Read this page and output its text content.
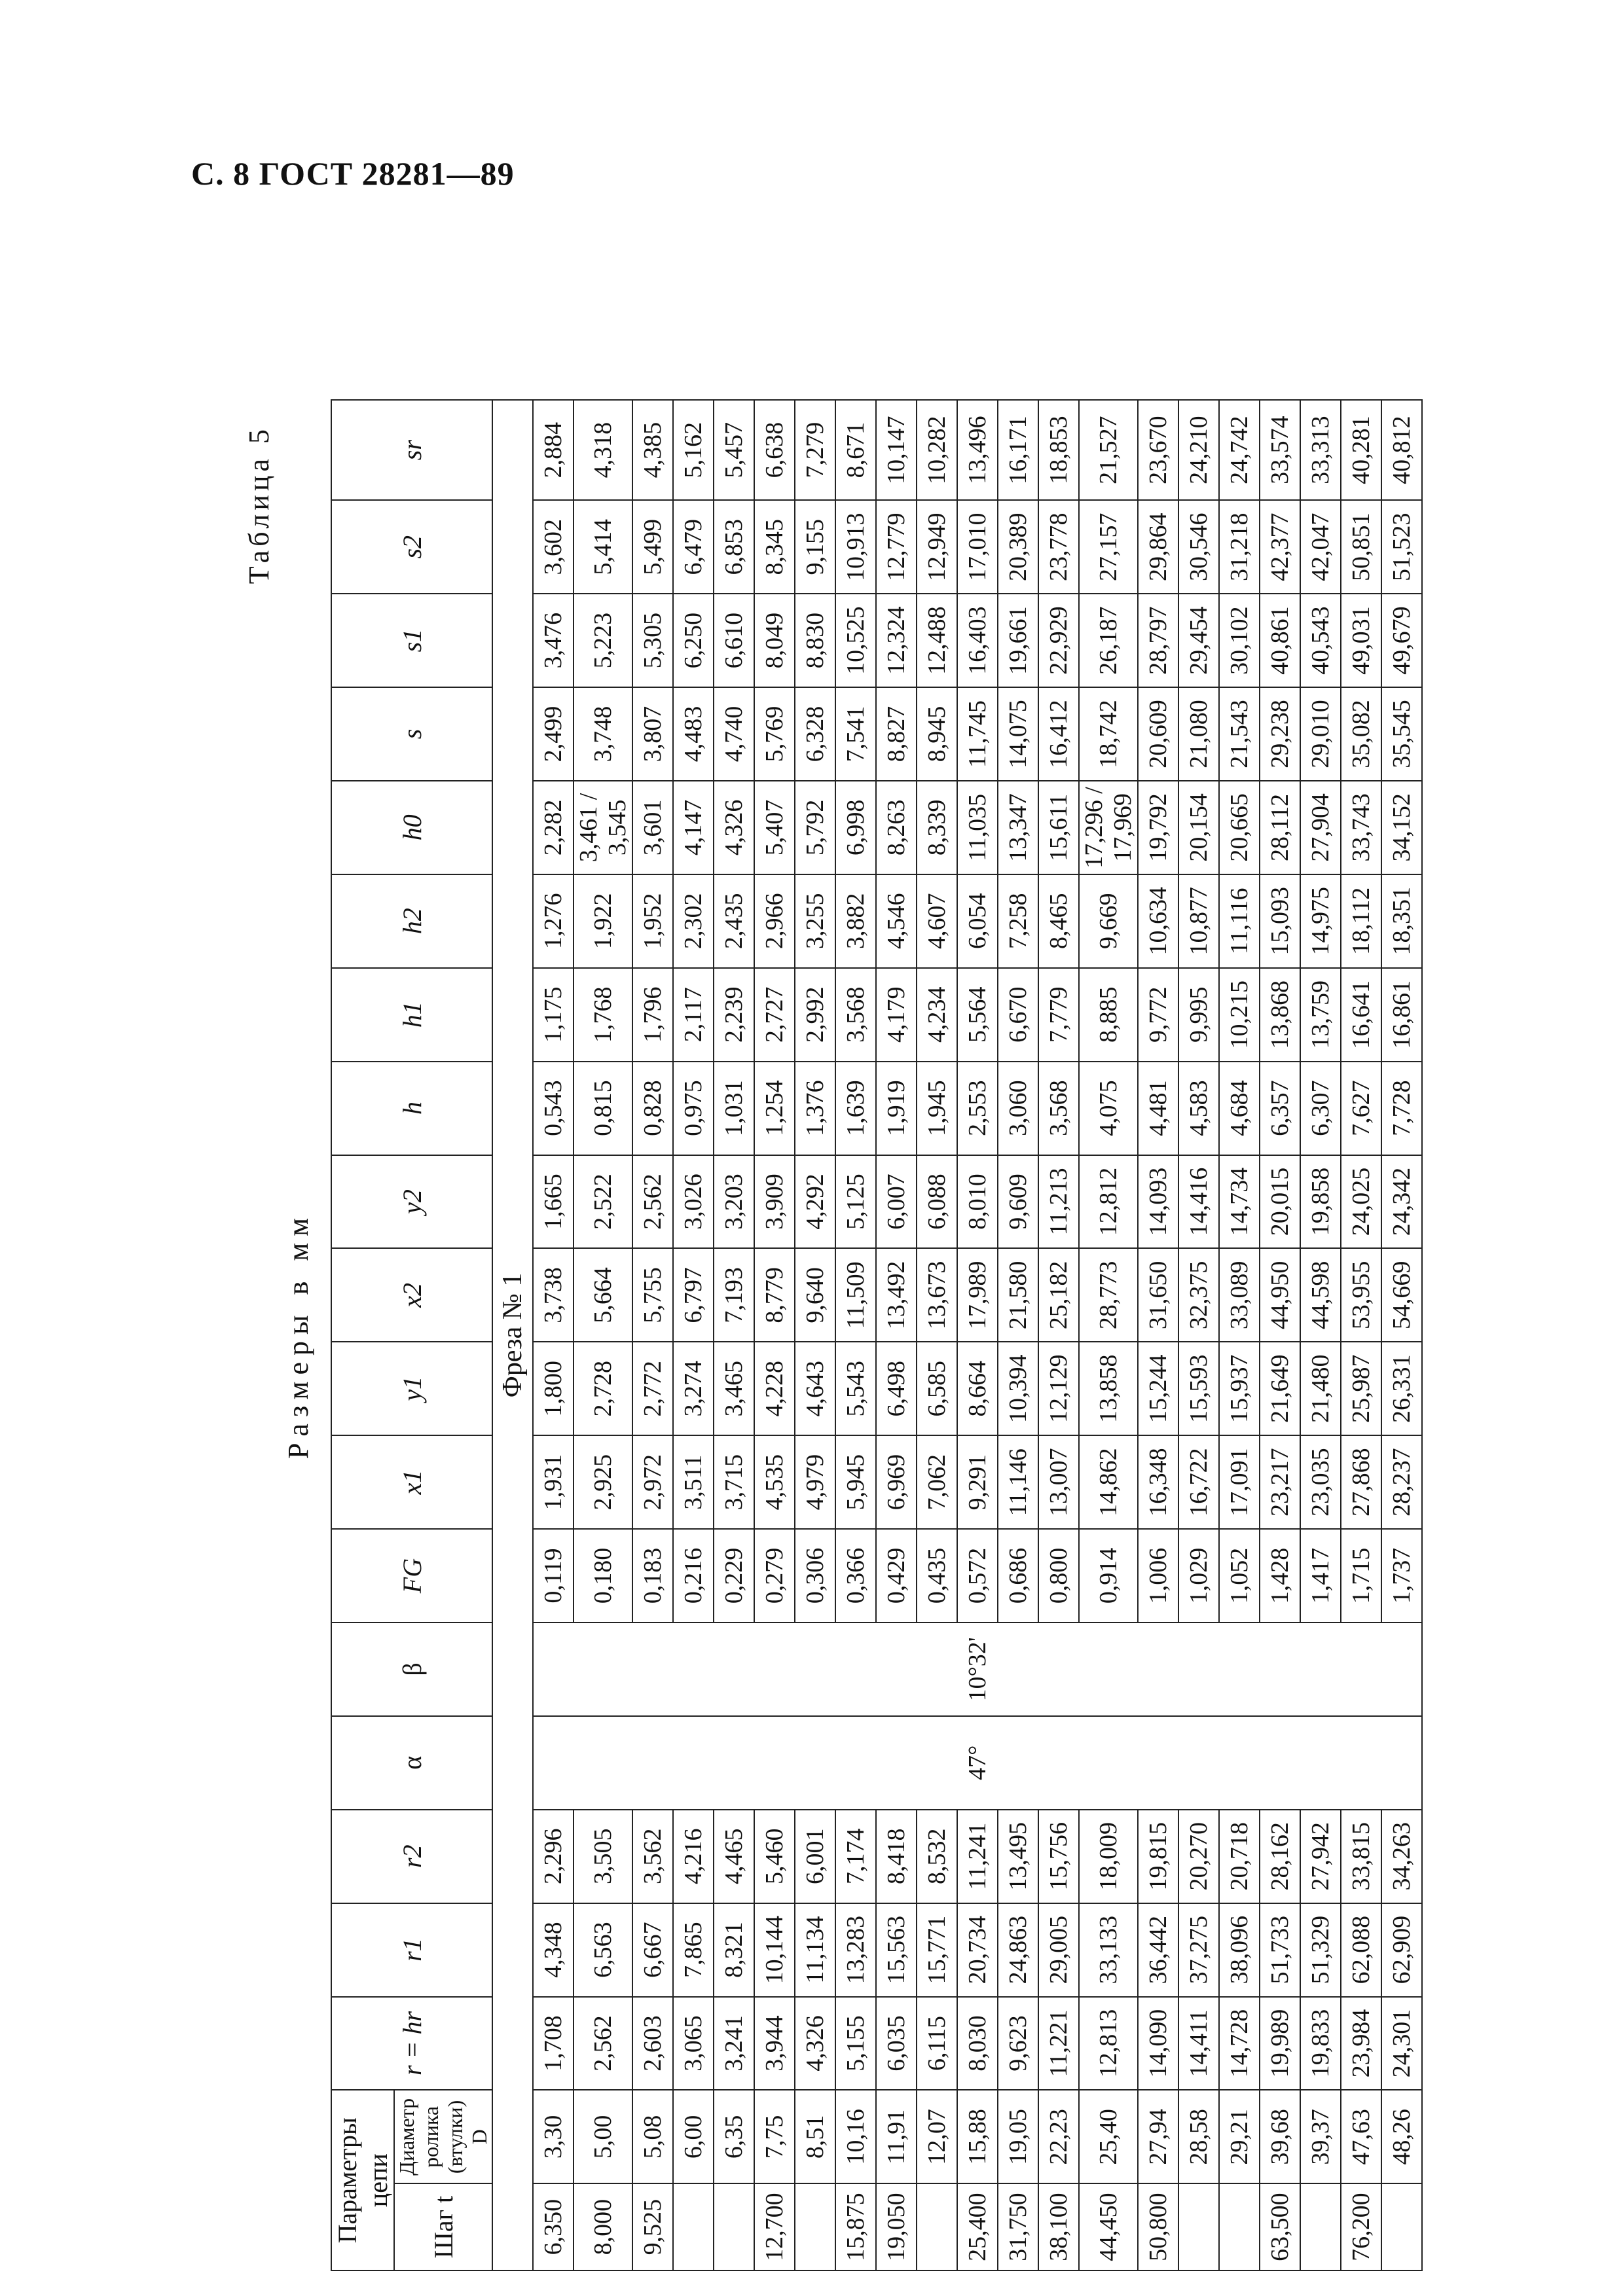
С. 8 ГОСТ 28281—89
Таблица 5
Размеры в мм
Параметры цепи		r = hr	r1	r2	α	β	FG	x1	y1	x2	y2	h	h1	h2	h0	s	s1	s2	sr
Шаг t	Диаметр ролика (втулки) D																		
Фреза № 1																			
6,350	3,30	1,708	4,348	2,296	47°	10°32'	0,119	1,931	1,800	3,738	1,665	0,543	1,175	1,276	2,282	2,499	3,476	3,602	2,884
8,000	5,00	2,562	6,563	3,505			0,180	2,925	2,728	5,664	2,522	0,815	1,768	1,922	3,461 / 3,545	3,748	5,223	5,414	4,318
9,525	5,08	2,603	6,667	3,562			0,183	2,972	2,772	5,755	2,562	0,828	1,796	1,952	3,601	3,807	5,305	5,499	4,385
	6,00	3,065	7,865	4,216			0,216	3,511	3,274	6,797	3,026	0,975	2,117	2,302	4,147	4,483	6,250	6,479	5,162
	6,35	3,241	8,321	4,465			0,229	3,715	3,465	7,193	3,203	1,031	2,239	2,435	4,326	4,740	6,610	6,853	5,457
12,700	7,75	3,944	10,144	5,460			0,279	4,535	4,228	8,779	3,909	1,254	2,727	2,966	5,407	5,769	8,049	8,345	6,638
	8,51	4,326	11,134	6,001			0,306	4,979	4,643	9,640	4,292	1,376	2,992	3,255	5,792	6,328	8,830	9,155	7,279
15,875	10,16	5,155	13,283	7,174			0,366	5,945	5,543	11,509	5,125	1,639	3,568	3,882	6,998	7,541	10,525	10,913	8,671
19,050	11,91	6,035	15,563	8,418			0,429	6,969	6,498	13,492	6,007	1,919	4,179	4,546	8,263	8,827	12,324	12,779	10,147
	12,07	6,115	15,771	8,532			0,435	7,062	6,585	13,673	6,088	1,945	4,234	4,607	8,339	8,945	12,488	12,949	10,282
25,400	15,88	8,030	20,734	11,241			0,572	9,291	8,664	17,989	8,010	2,553	5,564	6,054	11,035	11,745	16,403	17,010	13,496
31,750	19,05	9,623	24,863	13,495			0,686	11,146	10,394	21,580	9,609	3,060	6,670	7,258	13,347	14,075	19,661	20,389	16,171
38,100	22,23	11,221	29,005	15,756			0,800	13,007	12,129	25,182	11,213	3,568	7,779	8,465	15,611	16,412	22,929	23,778	18,853
44,450	25,40	12,813	33,133	18,009			0,914	14,862	13,858	28,773	12,812	4,075	8,885	9,669	17,296 / 17,969	18,742	26,187	27,157	21,527
50,800	27,94	14,090	36,442	19,815			1,006	16,348	15,244	31,650	14,093	4,481	9,772	10,634	19,792	20,609	28,797	29,864	23,670
	28,58	14,411	37,275	20,270			1,029	16,722	15,593	32,375	14,416	4,583	9,995	10,877	20,154	21,080	29,454	30,546	24,210
	29,21	14,728	38,096	20,718			1,052	17,091	15,937	33,089	14,734	4,684	10,215	11,116	20,665	21,543	30,102	31,218	24,742
63,500	39,68	19,989	51,733	28,162			1,428	23,217	21,649	44,950	20,015	6,357	13,868	15,093	28,112	29,238	40,861	42,377	33,574
	39,37	19,833	51,329	27,942			1,417	23,035	21,480	44,598	19,858	6,307	13,759	14,975	27,904	29,010	40,543	42,047	33,313
76,200	47,63	23,984	62,088	33,815			1,715	27,868	25,987	53,955	24,025	7,627	16,641	18,112	33,743	35,082	49,031	50,851	40,281
	48,26	24,301	62,909	34,263			1,737	28,237	26,331	54,669	24,342	7,728	16,861	18,351	34,152	35,545	49,679	51,523	40,812
